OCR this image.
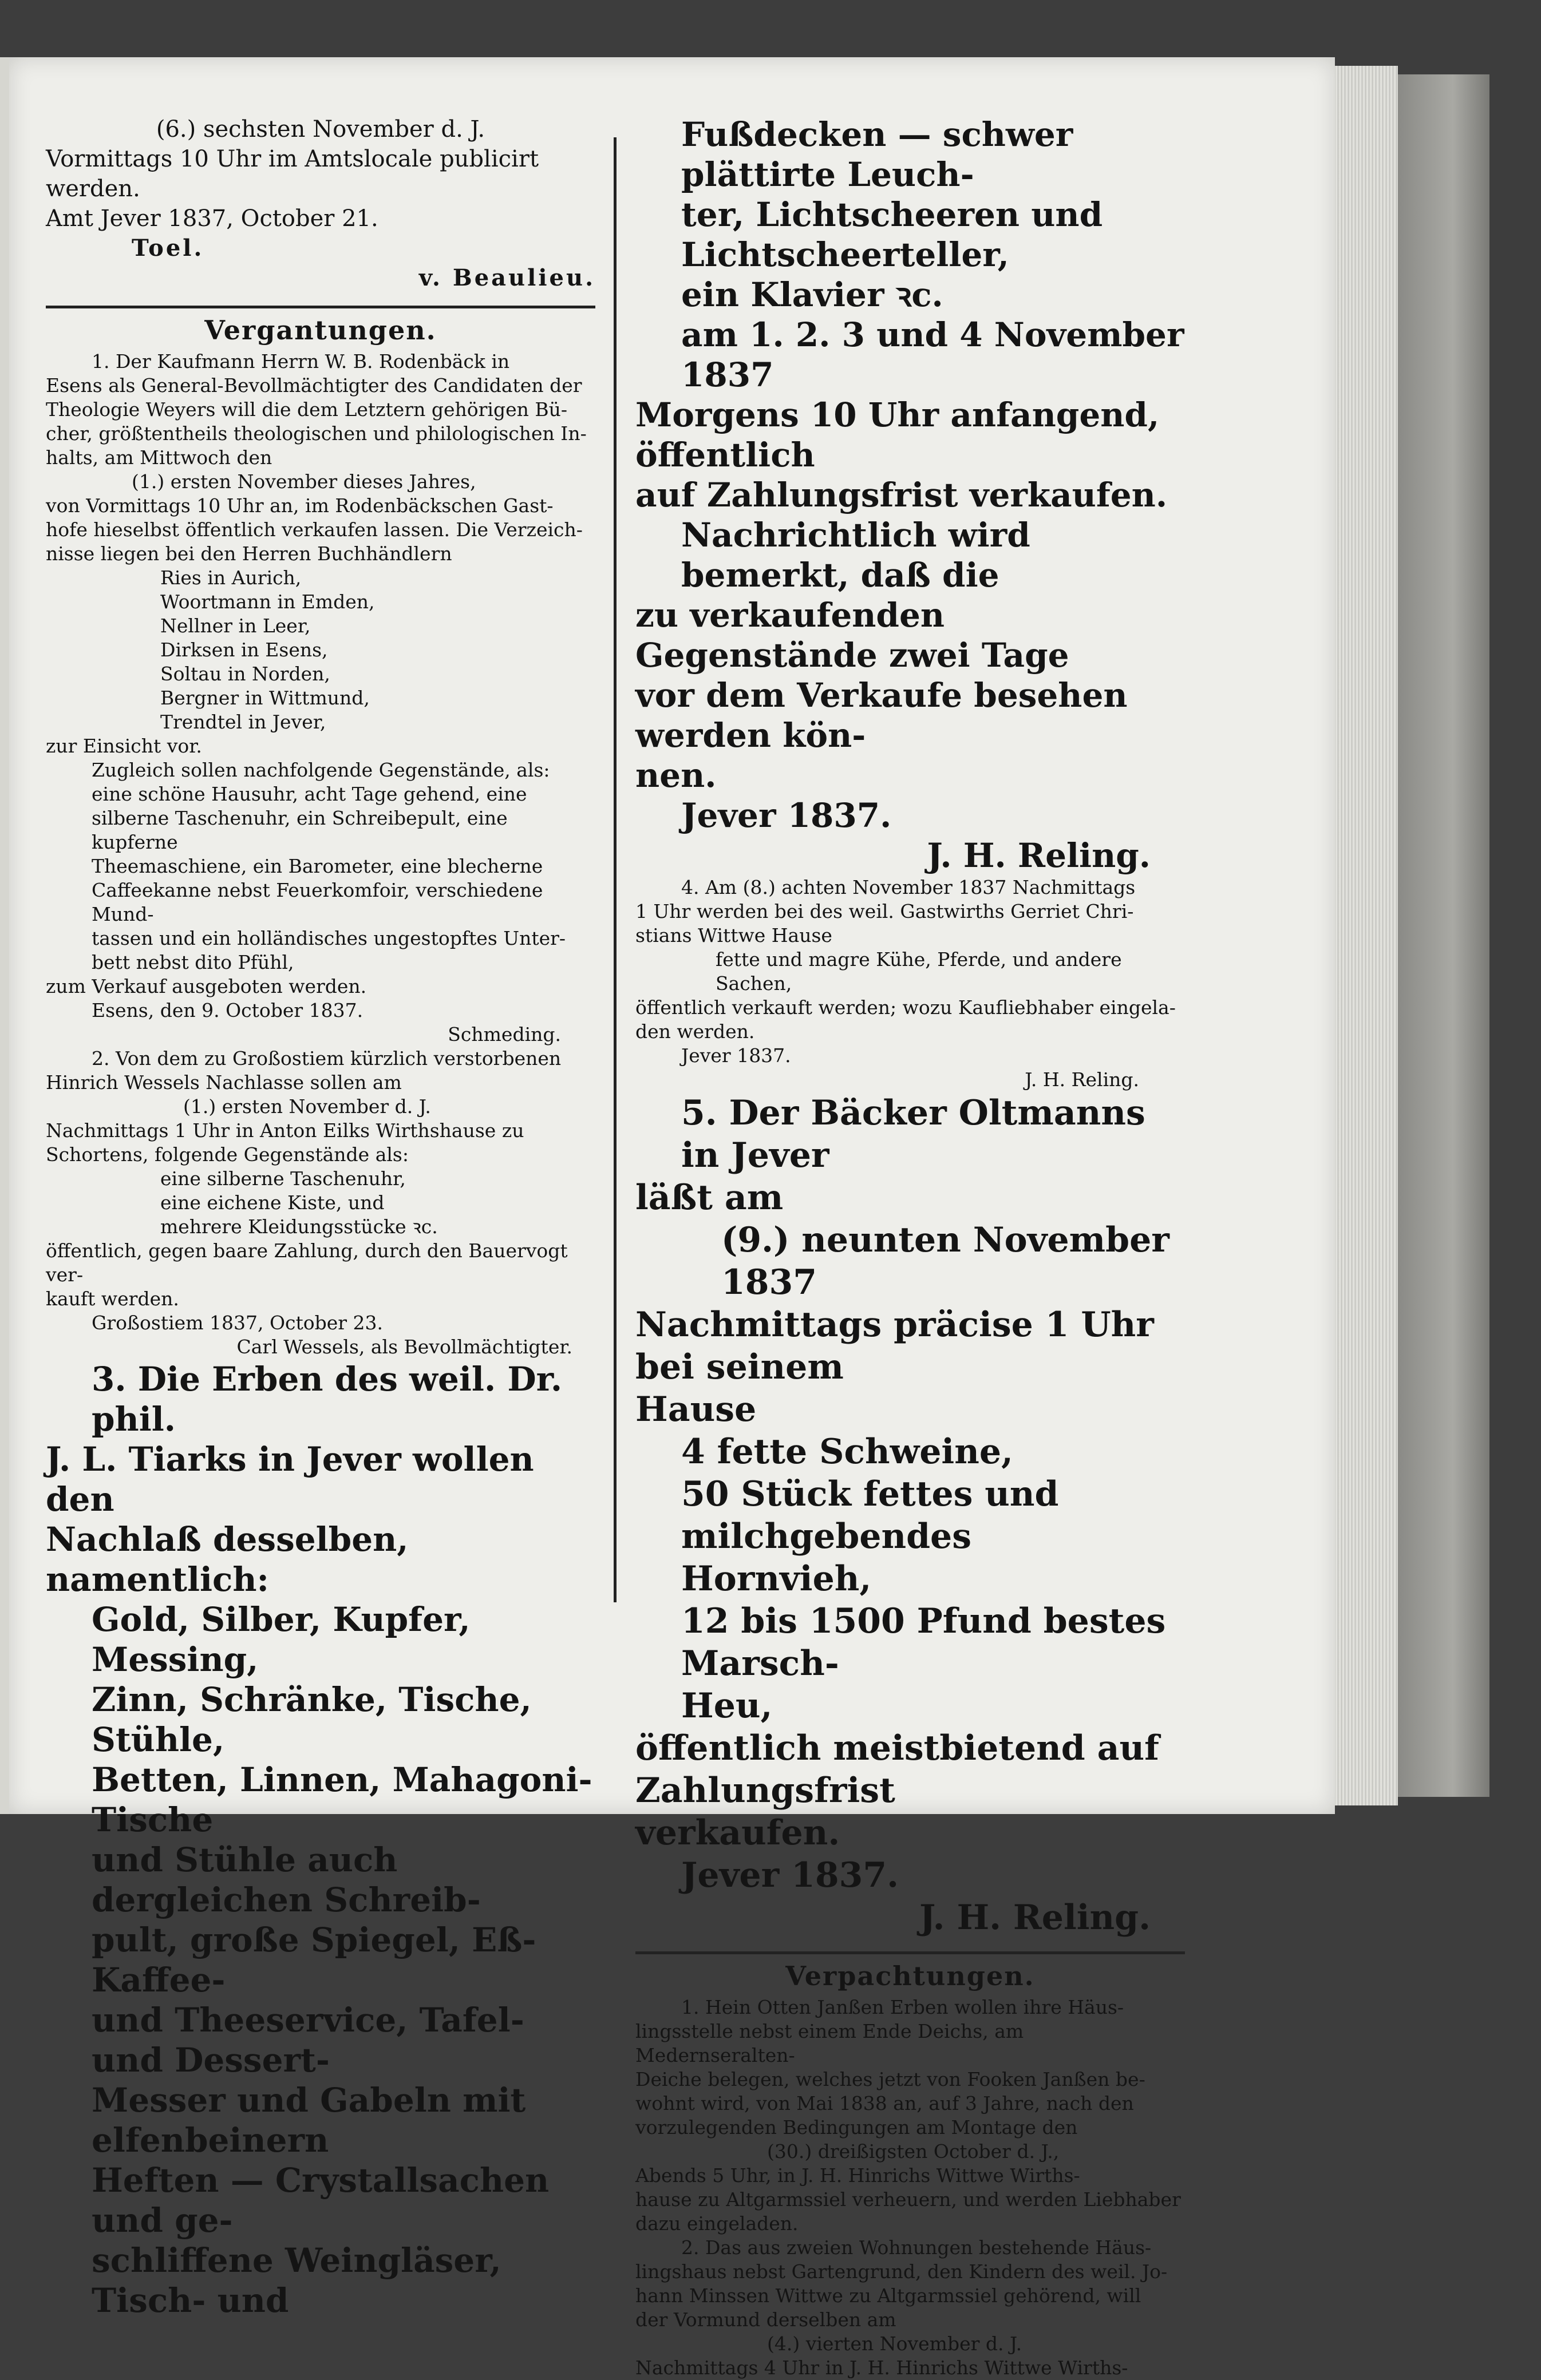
(6.) sechsten November d. J.

Vormittags 10 Uhr im Amtslocale publicirt werden.

Amt Jever 1837, October 21.

Toel.

v. Beaulieu.

Vergantungen.

1. Der Kaufmann Herrn W. B. Rodenbäck in

Esens als General-Bevollmächtigter des Candidaten der

Theologie Weyers will die dem Letztern gehörigen Bü-

cher, größtentheils theologischen und philologischen In-

halts, am Mittwoch den

(1.) ersten November dieses Jahres,

von Vormittags 10 Uhr an, im Rodenbäckschen Gast-

hofe hieselbst öffentlich verkaufen lassen. Die Verzeich-

nisse liegen bei den Herren Buchhändlern

Ries in Aurich,

Woortmann in Emden,

Nellner in Leer,

Dirksen in Esens,

Soltau in Norden,

Bergner in Wittmund,

Trendtel in Jever,

zur Einsicht vor.

Zugleich sollen nachfolgende Gegenstände, als:

eine schöne Hausuhr, acht Tage gehend, eine

silberne Taschenuhr, ein Schreibepult, eine kupferne

Theemaschiene, ein Barometer, eine blecherne

Caffeekanne nebst Feuerkomfoir, verschiedene Mund-

tassen und ein holländisches ungestopftes Unter-

bett nebst dito Pfühl,

zum Verkauf ausgeboten werden.

Esens, den 9. October 1837.

Schmeding.

2. Von dem zu Großostiem kürzlich verstorbenen

Hinrich Wessels Nachlasse sollen am

(1.) ersten November d. J.

Nachmittags 1 Uhr in Anton Eilks Wirthshause zu

Schortens, folgende Gegenstände als:

eine silberne Taschenuhr,

eine eichene Kiste, und

mehrere Kleidungsstücke ꝛc.

öffentlich, gegen baare Zahlung, durch den Bauervogt ver-

kauft werden.

Großostiem 1837, October 23.

Carl Wessels, als Bevollmächtigter.

3. Die Erben des weil. Dr. phil.

J. L. Tiarks in Jever wollen den

Nachlaß desselben, namentlich:

Gold, Silber, Kupfer, Messing,

Zinn, Schränke, Tische, Stühle,

Betten, Linnen, Mahagoni-Tische

und Stühle auch dergleichen Schreib-

pult, große Spiegel, Eß- Kaffee-

und Theeservice, Tafel- und Dessert-

Messer und Gabeln mit elfenbeinern

Heften — Crystallsachen und ge-

schliffene Weingläser, Tisch- und

Fußdecken — schwer plättirte Leuch-

ter, Lichtscheeren und Lichtscheerteller,

ein Klavier ꝛc.

am 1. 2. 3 und 4 November 1837

Morgens 10 Uhr anfangend, öffentlich

auf Zahlungsfrist verkaufen.

Nachrichtlich wird bemerkt, daß die

zu verkaufenden Gegenstände zwei Tage

vor dem Verkaufe besehen werden kön-

nen.

Jever 1837.

J. H. Reling.

4. Am (8.) achten November 1837 Nachmittags

1 Uhr werden bei des weil. Gastwirths Gerriet Chri-

stians Wittwe Hause

fette und magre Kühe, Pferde, und andere

Sachen,

öffentlich verkauft werden; wozu Kaufliebhaber eingela-

den werden.

Jever 1837.

J. H. Reling.

5. Der Bäcker Oltmanns in Jever

läßt am

(9.) neunten November 1837

Nachmittags präcise 1 Uhr bei seinem

Hause

4 fette Schweine,

50 Stück fettes und milchgebendes

Hornvieh,

12 bis 1500 Pfund bestes Marsch-

Heu,

öffentlich meistbietend auf Zahlungsfrist

verkaufen.

Jever 1837.

J. H. Reling.

Verpachtungen.

1. Hein Otten Janßen Erben wollen ihre Häus-

lingsstelle nebst einem Ende Deichs, am Medernseralten-

Deiche belegen, welches jetzt von Fooken Janßen be-

wohnt wird, von Mai 1838 an, auf 3 Jahre, nach den

vorzulegenden Bedingungen am Montage den

(30.) dreißigsten October d. J.,

Abends 5 Uhr, in J. H. Hinrichs Wittwe Wirths-

hause zu Altgarmssiel verheuern, und werden Liebhaber

dazu eingeladen.

2. Das aus zweien Wohnungen bestehende Häus-

lingshaus nebst Gartengrund, den Kindern des weil. Jo-

hann Minssen Wittwe zu Altgarmssiel gehörend, will

der Vormund derselben am

(4.) vierten November d. J.

Nachmittags 4 Uhr in J. H. Hinrichs Wittwe Wirths-
